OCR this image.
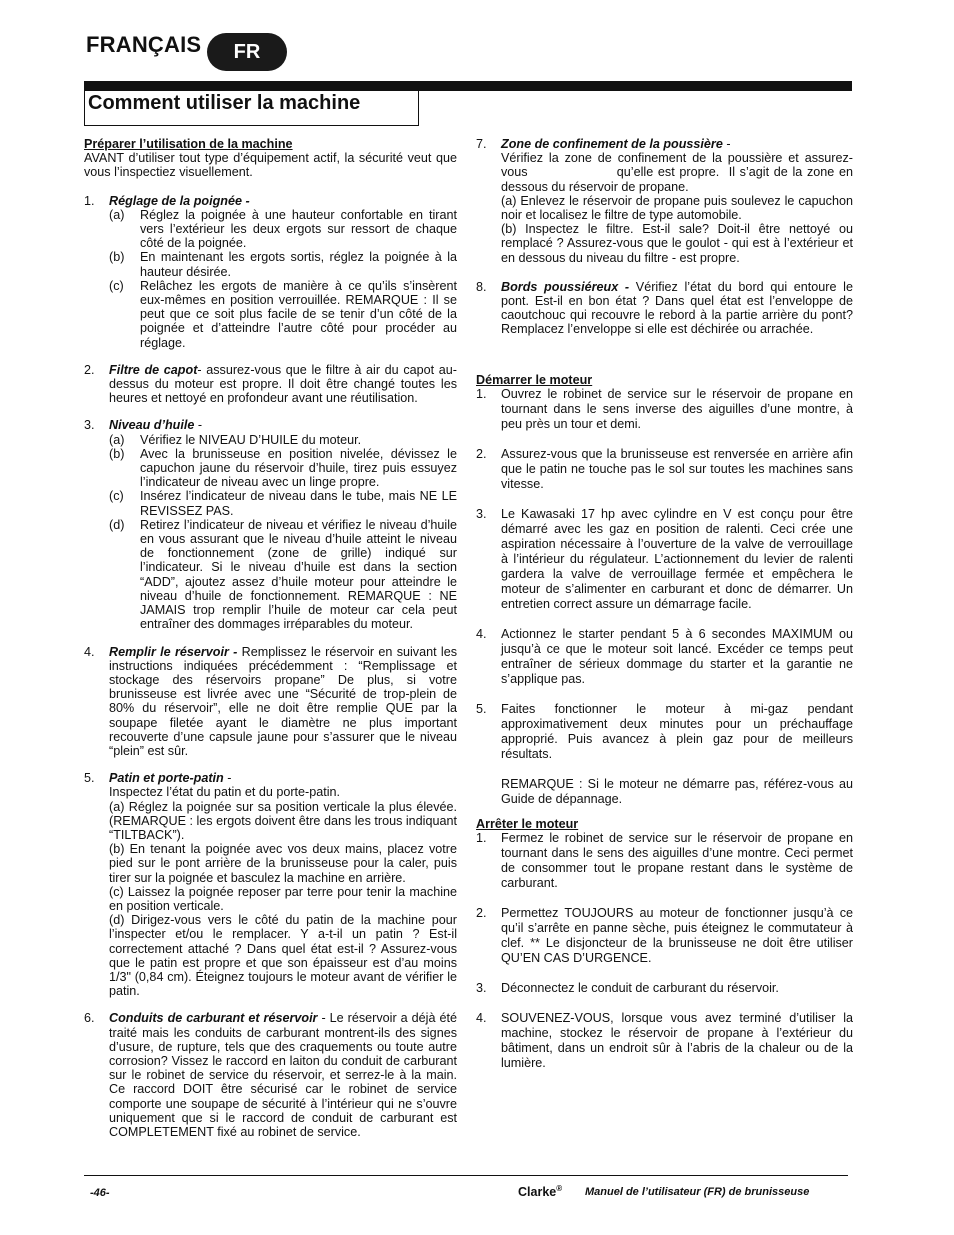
FRANÇAIS	FR
Comment utiliser la machine
Préparer l’utilisation de la machine

AVANT d’utiliser tout type d’équipement actif, la sécurité veut que vous l’inspectiez visuellement.

1.	Réglage de la poignée -
(a)	Réglez la poignée à une hauteur confortable en tirant vers l’extérieur les deux ergots sur ressort de chaque côté de la poignée.
(b)	En maintenant les ergots sortis, réglez la poignée à la hauteur désirée.
(c)	Relâchez les ergots de manière à ce qu’ils s’insèrent eux-mêmes en position verrouillée. REMARQUE : Il se peut que ce soit plus facile de se tenir d’un côté de la poignée et d’atteindre l’autre côté pour procéder au réglage.
2.	Filtre de capot- assurez-vous que le filtre à air du capot au-dessus du moteur est propre. Il doit être changé toutes les heures et nettoyé en profondeur avant une réutilisation.
3.	Niveau d’huile -
(a)	Vérifiez le NIVEAU D’HUILE du moteur.
(b)	Avec la brunisseuse en position nivelée, dévissez le capuchon jaune du réservoir d’huile, tirez puis essuyez l’indicateur de niveau avec un linge propre.
(c)	Insérez l’indicateur de niveau dans le tube, mais NE LE REVISSEZ PAS.
(d)	Retirez l’indicateur de niveau et vérifiez le niveau d’huile en vous assurant que le niveau d’huile atteint le niveau de fonctionnement (zone de grille) indiqué sur l’indicateur. Si le niveau d’huile est dans la section “ADD”, ajoutez assez d’huile moteur pour atteindre le niveau d’huile de fonctionnement. REMARQUE : NE JAMAIS trop remplir l’huile de moteur car cela peut entraîner des dommages irréparables du moteur.
4.	Remplir le réservoir - Remplissez le réservoir en suivant les instructions indiquées précédemment : “Remplissage et stockage des réservoirs propane” De plus, si votre brunisseuse est livrée avec une “Sécurité de trop-plein de 80% du réservoir”, elle ne doit être remplie QUE par la soupape filetée ayant le diamètre ne plus important recouverte d’une capsule jaune pour s’assurer que le niveau “plein” est sûr.
5.	Patin et porte-patin -
Inspectez l’état du patin et du porte-patin.
(a) Réglez la poignée sur sa position verticale la plus élevée. (REMARQUE : les ergots doivent être dans les trous indiquant “TILTBACK”).
(b) En tenant la poignée avec vos deux mains, placez votre pied sur le pont arrière de la brunisseuse pour la caler, puis tirer sur la poignée et basculez la machine en arrière.
(c) Laissez la poignée reposer par terre pour tenir la machine en position verticale.
(d) Dirigez-vous vers le côté du patin de la machine pour l’inspecter et/ou le remplacer. Y a-t-il un patin ? Est-il correctement attaché ? Dans quel état est-il ? Assurez-vous que le patin est propre et que son épaisseur est d’au moins 1/3" (0,84 cm). Éteignez toujours le moteur avant de vérifier le patin.
6.	Conduits de carburant et réservoir - Le réservoir a déjà été traité mais les conduits de carburant montrent-ils des signes d’usure, de rupture, tels que des craquements ou toute autre corrosion? Vissez le raccord en laiton du conduit de carburant sur le robinet de service du réservoir, et serrez-le à la main. Ce raccord DOIT être sécurisé car le robinet de service comporte une soupape de sécurité à l’intérieur qui ne s’ouvre uniquement que si le raccord de conduit de carburant est COMPLETEMENT fixé au robinet de service.
7.	Zone de confinement de la poussière -
Vérifiez la zone de confinement de la poussière et assurez-vous                   qu’elle est propre.  Il s’agit de la zone en dessous du réservoir de propane.
(a) Enlevez le réservoir de propane puis soulevez le capuchon noir et localisez le filtre de type automobile.
(b) Inspectez le filtre. Est-il sale? Doit-il être nettoyé ou remplacé ? Assurez-vous que le goulot - qui est à l’extérieur et en dessous du niveau du filtre - est propre.
8.	Bords poussiéreux - Vérifiez l’état du bord qui entoure le pont. Est-il en bon état ? Dans quel état est l’enveloppe de caoutchouc qui recouvre le rebord à la partie arrière du pont? Remplacez l’enveloppe si elle est déchirée ou arrachée.
Démarrer le moteur
1.	Ouvrez le robinet de service sur le réservoir de propane en tournant dans le sens inverse des aiguilles d’une montre, à peu près un tour et demi.
2.	Assurez-vous que la brunisseuse est renversée en arrière afin que le patin ne touche pas le sol sur toutes les machines sans vitesse.
3.	Le Kawasaki 17 hp avec cylindre en V est conçu pour être démarré avec les gaz en position de ralenti. Ceci crée une aspiration nécessaire à l’ouverture de la valve de verrouillage à l’intérieur du régulateur. L’actionnement du levier de ralenti gardera la valve de verrouillage fermée et empêchera le moteur de s’alimenter en carburant et donc de démarrer. Un entretien correct assure un démarrage facile.
4.	Actionnez le starter pendant 5 à 6 secondes MAXIMUM ou jusqu’à ce que le moteur soit lancé. Excéder ce temps peut entraîner de sérieux dommage du starter et la garantie ne s’applique pas.
5.	Faites fonctionner le moteur à mi-gaz pendant approximativement deux minutes pour un préchauffage approprié. Puis avancez à plein gaz pour de meilleurs résultats.
REMARQUE : Si le moteur ne démarre pas, référez-vous au Guide de dépannage.
Arrêter le moteur
1.	Fermez le robinet de service sur le réservoir de propane en tournant dans le sens des aiguilles d’une montre. Ceci permet de consommer tout le propane restant dans le système de carburant.
2.	Permettez TOUJOURS au moteur de fonctionner jusqu’à ce qu’il s’arrête en panne sèche, puis éteignez le commutateur à clef. ** Le disjoncteur de la brunisseuse ne doit être utiliser QU’EN CAS D’URGENCE.
3.	Déconnectez le conduit de carburant du réservoir.
4.	SOUVENEZ-VOUS, lorsque vous avez terminé d’utiliser la machine, stockez le réservoir de propane à l’extérieur du bâtiment, dans un endroit sûr à l’abris de la chaleur ou de la lumière.
-46-	Clarke® Manuel de l’utilisateur (FR) de brunisseuse
